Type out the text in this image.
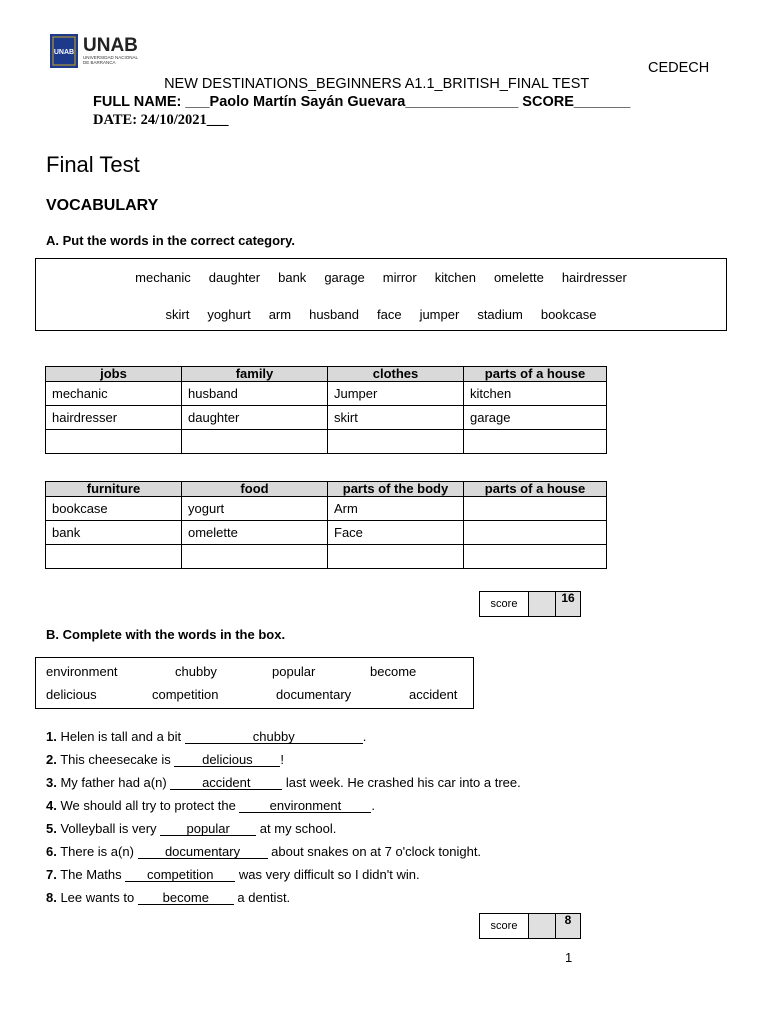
UNAB UNAB
UNIVERSIDAD NACIONAL
DE BARRANCA

NEW DESTINATIONS_BEGINNERS A1.1_BRITISH_FINAL TEST

CEDECH

FULL NAME: ___Paolo Martín Sayán Guevara______________ SCORE_______
DATE: 24/10/2021___
Final Test
VOCABULARY
A. Put the words in the correct category.
mechanic daughter bank garage mirror kitchen omelette hairdresser
skirt yoghurt arm husband face jumper stadium bookcase
jobs	family	clothes	parts of a house
mechanic	husband	Jumper	kitchen
hairdresser	daughter	skirt	garage

furniture	food	parts of the body	parts of a house
bookcase	yogurt	Arm	
bank	omelette	Face	

score	16
B. Complete with the words in the box.
environment	chubby	popular	become
delicious	competition	documentary	accident
1. Helen is tall and a bit	chubby	.
2. This cheesecake is delicious !
3. My father had a(n) accident last week. He crashed his car into a tree.
4. We should all try to protect the environment .
5. Volleyball is very popular at my school.
6. There is a(n) documentary about snakes on at 7 o'clock tonight.
7. The Maths competition was very difficult so I didn't win.
8. Lee wants to become a dentist.
score	8
1
